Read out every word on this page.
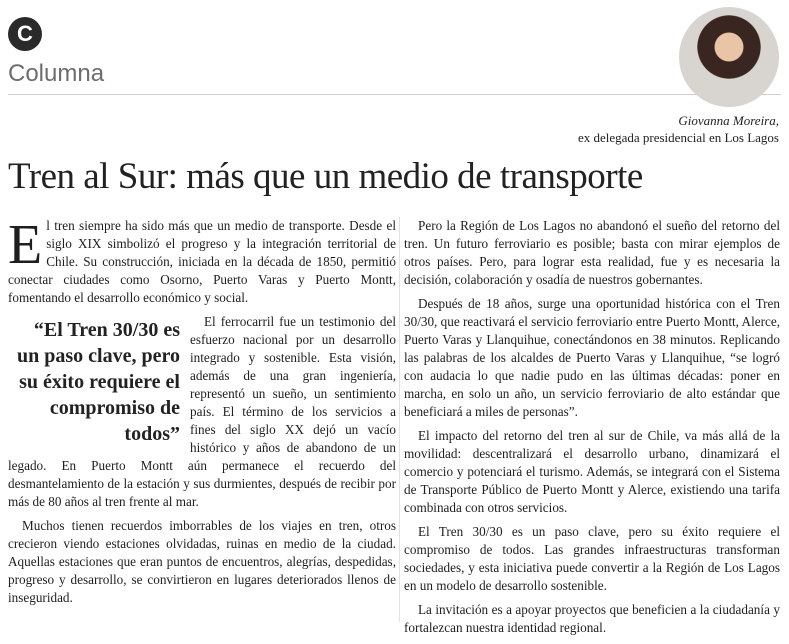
C
Columna
Giovanna Moreira,
ex delegada presidencial en Los Lagos
Tren al Sur: más que un medio de transporte

El tren siempre ha sido más que un medio de transporte. Desde el siglo XIX simbolizó el progreso y la integración territorial de Chile. Su construcción, iniciada en la década de 1850, permitió conectar ciudades como Osorno, Puerto Varas y Puerto Montt, fomentando el desarrollo económico y social.

“El Tren 30/30 es un paso clave, pero su éxito requiere el compromiso de todos”
El ferrocarril fue un testimonio del esfuerzo nacional por un desarrollo integrado y sostenible. Esta visión, además de una gran ingeniería, representó un sueño, un sentimiento país. El término de los servicios a fines del siglo XX dejó un vacío histórico y años de abandono de un legado. En Puerto Montt aún permanece el recuerdo del desmantelamiento de la estación y sus durmientes, después de recibir por más de 80 años al tren frente al mar.

Muchos tienen recuerdos imborrables de los viajes en tren, otros crecieron viendo estaciones olvidadas, ruinas en medio de la ciudad. Aquellas estaciones que eran puntos de encuentros, alegrías, despedidas, progreso y desarrollo, se convirtieron en lugares deteriorados llenos de inseguridad.

Pero la Región de Los Lagos no abandonó el sueño del retorno del tren. Un futuro ferroviario es posible; basta con mirar ejemplos de otros países. Pero, para lograr esta realidad, fue y es necesaria la decisión, colaboración y osadía de nuestros gobernantes.

Después de 18 años, surge una oportunidad histórica con el Tren 30/30, que reactivará el servicio ferroviario entre Puerto Montt, Alerce, Puerto Varas y Llanquihue, conectándonos en 38 minutos. Replicando las palabras de los alcaldes de Puerto Varas y Llanquihue, “se logró con audacia lo que nadie pudo en las últimas décadas: poner en marcha, en solo un año, un servicio ferroviario de alto estándar que beneficiará a miles de personas”.

El impacto del retorno del tren al sur de Chile, va más allá de la movilidad: descentralizará el desarrollo urbano, dinamizará el comercio y potenciará el turismo. Además, se integrará con el Sistema de Transporte Público de Puerto Montt y Alerce, existiendo una tarifa combinada con otros servicios.

El Tren 30/30 es un paso clave, pero su éxito requiere el compromiso de todos. Las grandes infraestructuras transforman sociedades, y esta iniciativa puede convertir a la Región de Los Lagos en un modelo de desarrollo sostenible.

La invitación es a apoyar proyectos que beneficien a la ciudadanía y fortalezcan nuestra identidad regional.
